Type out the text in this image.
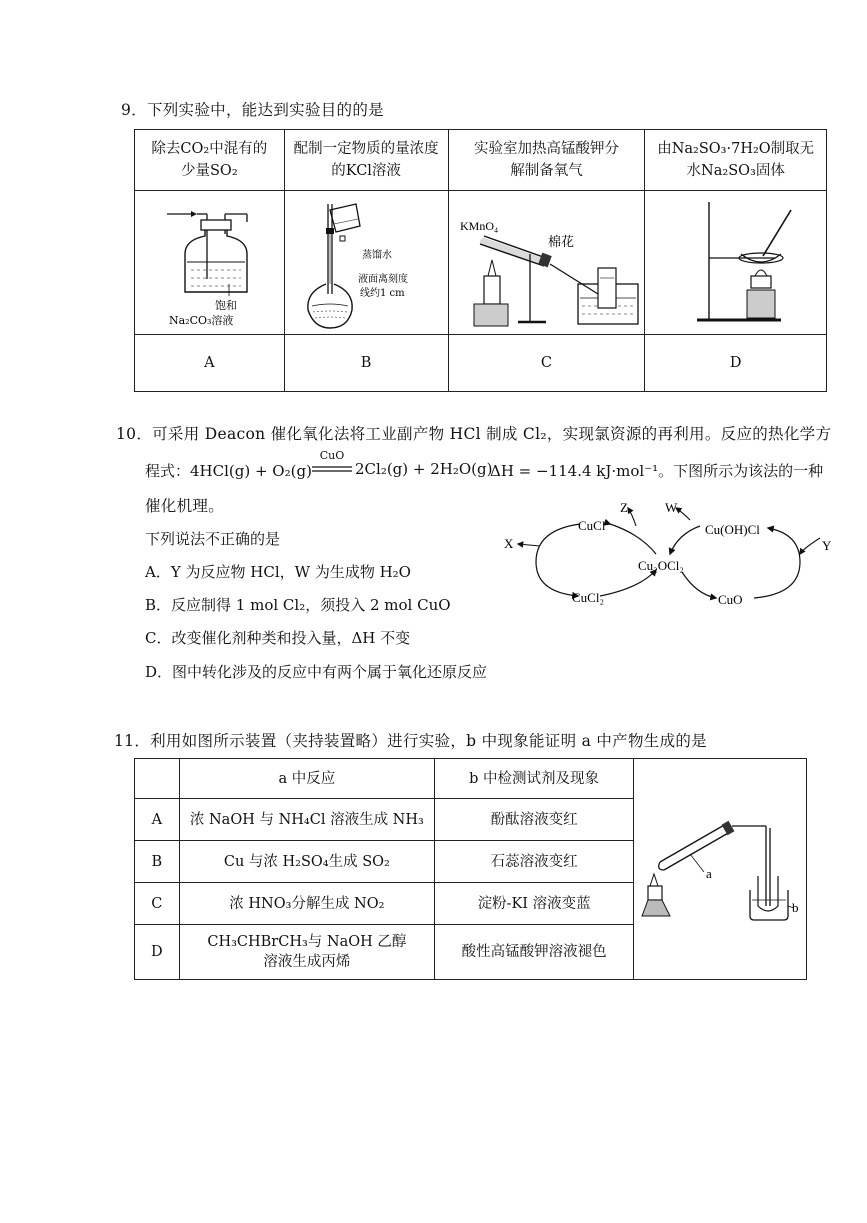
9．下列实验中，能达到实验目的的是
除去CO₂中混有的少量SO₂	配制一定物质的量浓度的KCl溶液	实验室加热高锰酸钾分解制备氧气	由Na₂SO₃·7H₂O制取无水Na₂SO₃固体

饱和
Na₂CO₃溶液	蒸馏水
液面离刻度
线约1 cm	KMnO₄
棉花

A	B	C	D
10．可采用 Deacon 催化氧化法将工业副产物 HCl 制成 Cl₂，实现氯资源的再利用。反应的热化学方
程式：4HCl(g) + O₂(g)
CuO
2Cl₂(g) + 2H₂O(g)
ΔH = −114.4 kJ·mol⁻¹。下图所示为该法的一种
催化机理。
下列说法不正确的是
A．Y 为反应物 HCl，W 为生成物 H₂O
B．反应制得 1 mol Cl₂，须投入 2 mol CuO
C．改变催化剂种类和投入量，ΔH 不变
D．图中转化涉及的反应中有两个属于氧化还原反应
CuCl	Cu(OH)Cl
Cu₂OCl₂
CuCl₂	CuO
X	Y
Z	W
11．利用如图所示装置（夹持装置略）进行实验，b 中现象能证明 a 中产物生成的是
	a 中反应	b 中检测试剂及现象	a
b

A	浓 NaOH 与 NH₄Cl 溶液生成 NH₃	酚酞溶液变红	
B	Cu 与浓 H₂SO₄生成 SO₂	石蕊溶液变红	
C	浓 HNO₃分解生成 NO₂	淀粉-KI 溶液变蓝	
D	CH₃CHBrCH₃与 NaOH 乙醇溶液生成丙烯	酸性高锰酸钾溶液褪色	
